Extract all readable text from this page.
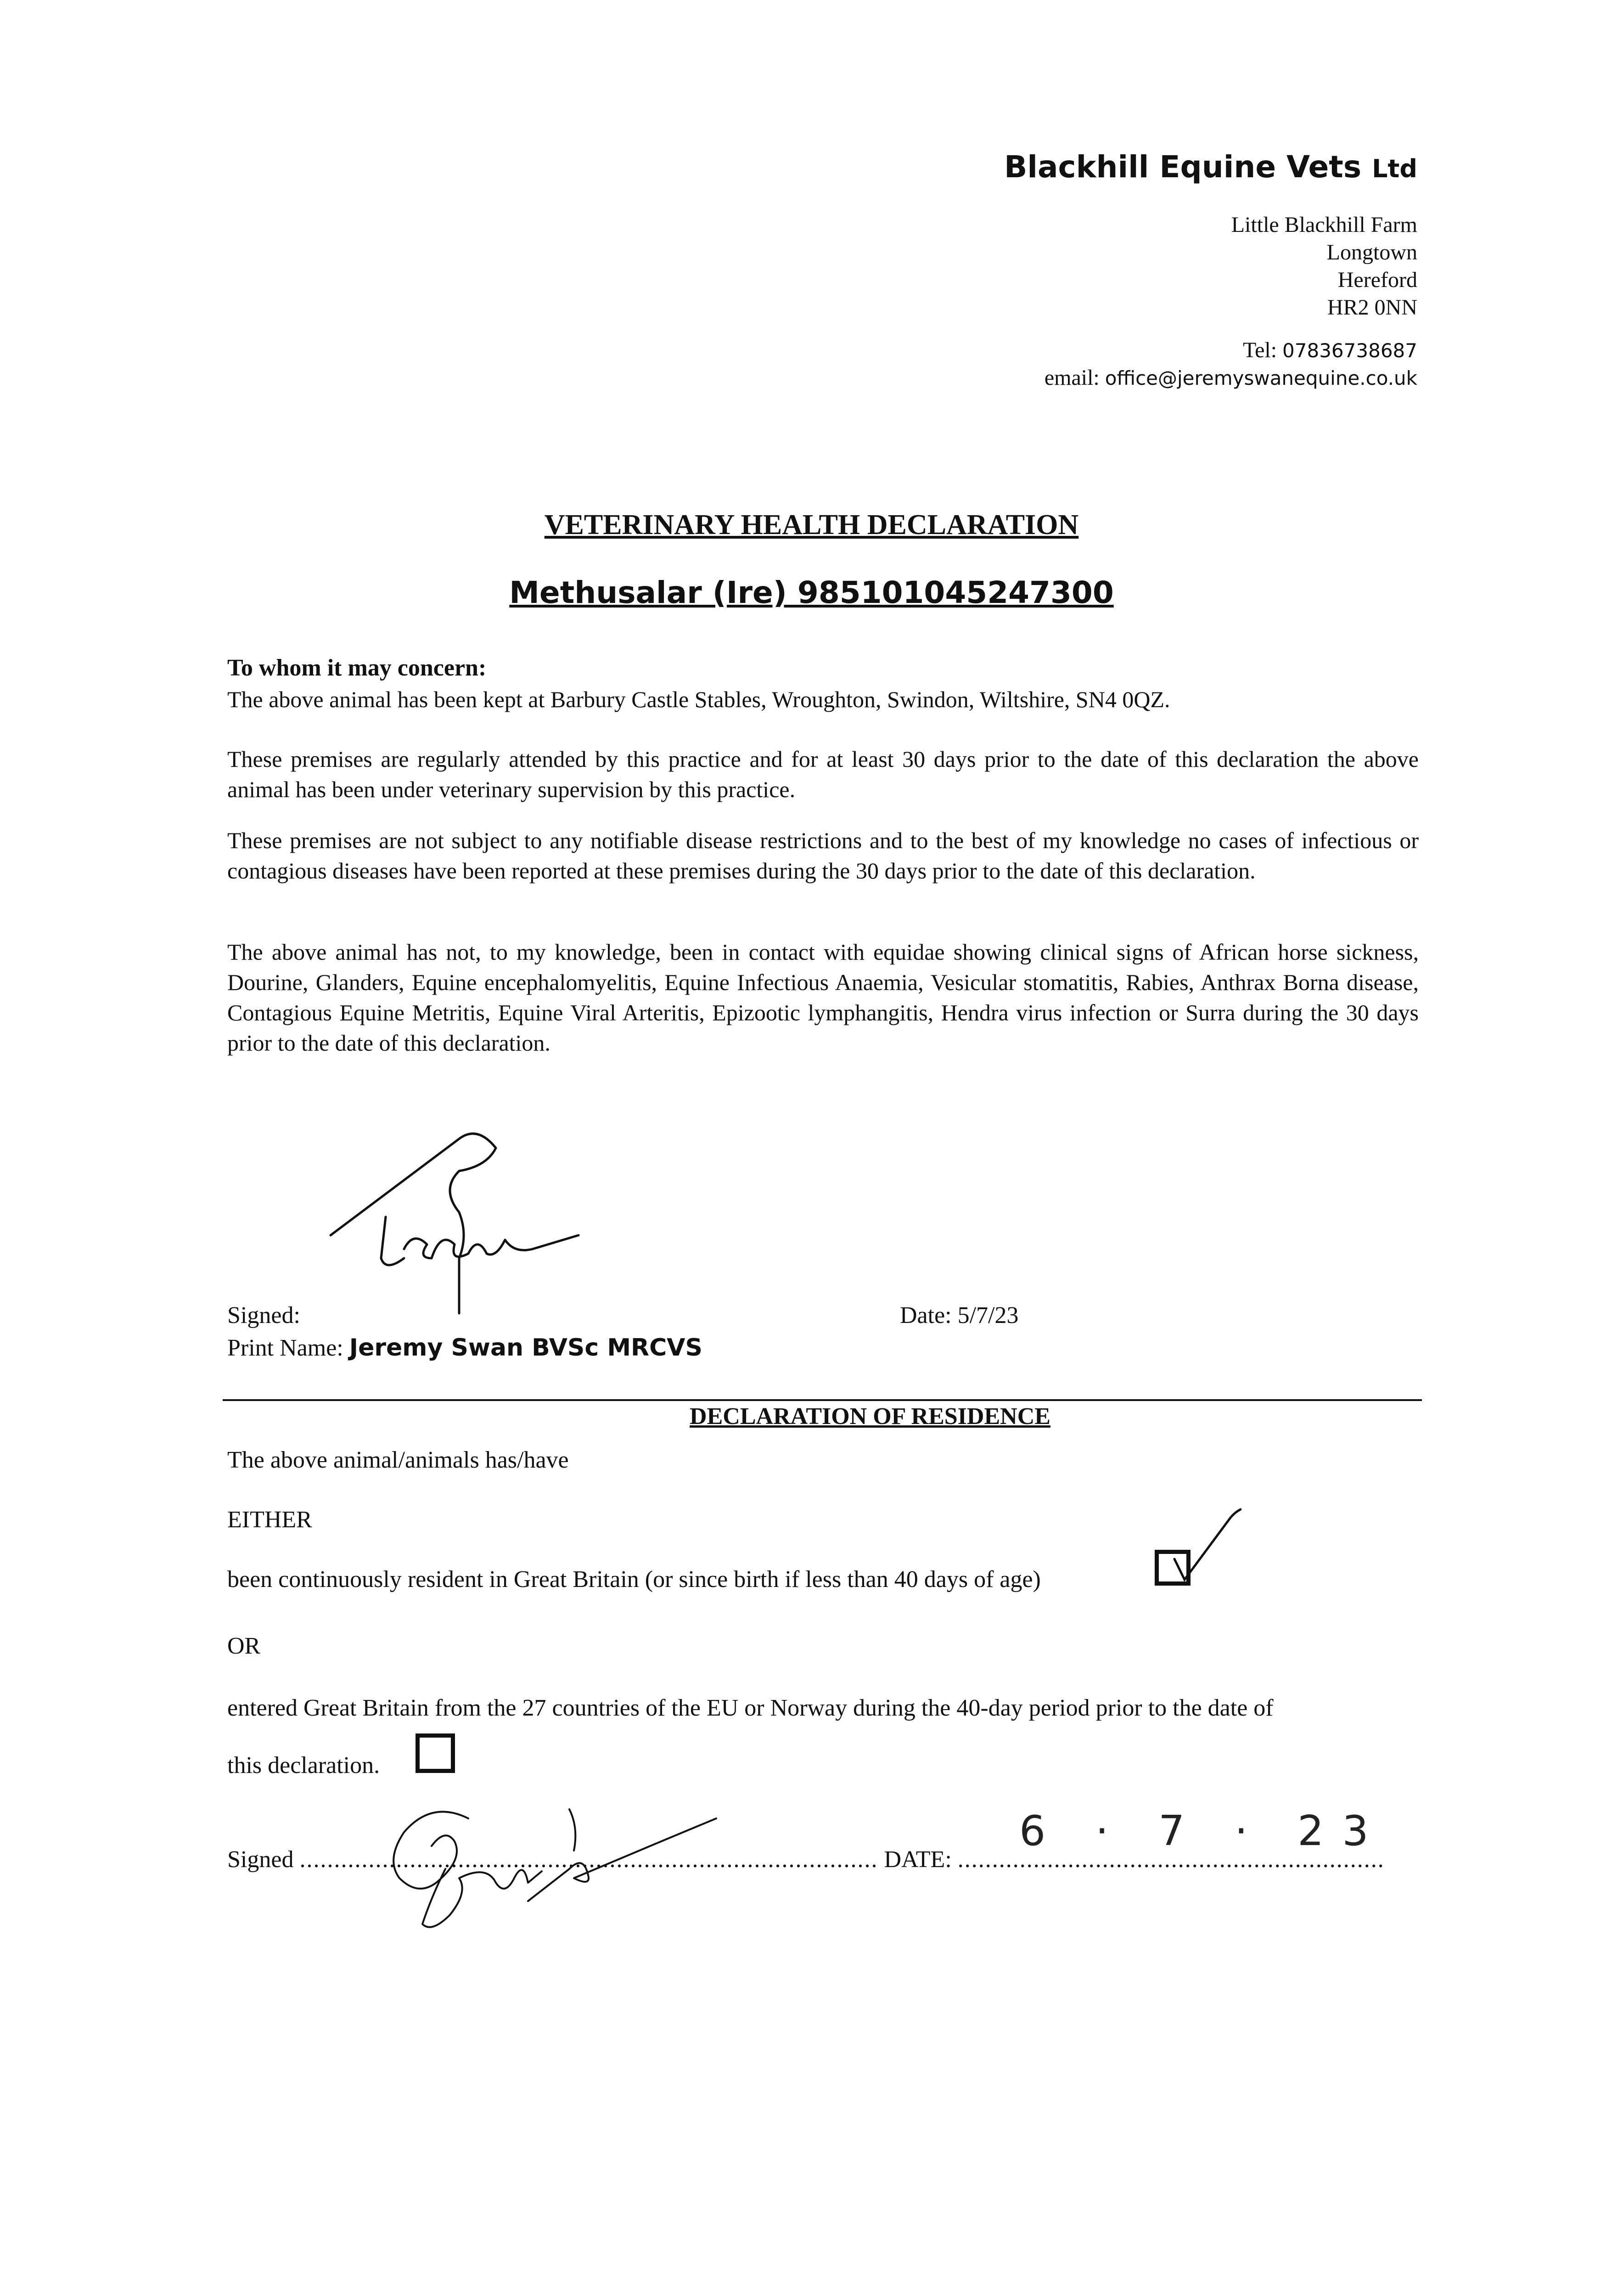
Blackhill Equine Vets Ltd
Little Blackhill Farm
Longtown
Hereford
HR2 0NN
Tel: 07836738687
email: office@jeremyswanequine.co.uk
VETERINARY HEALTH DECLARATION
Methusalar (Ire) 985101045247300
To whom it may concern:
The above animal has been kept at Barbury Castle Stables, Wroughton, Swindon, Wiltshire, SN4 0QZ.
These premises are regularly attended by this practice and for at least 30 days prior to the date of this declaration the above animal has been under veterinary supervision by this practice.
These premises are not subject to any notifiable disease restrictions and to the best of my knowledge no cases of infectious or contagious diseases have been reported at these premises during the 30 days prior to the date of this declaration.
The above animal has not, to my knowledge, been in contact with equidae showing clinical signs of African horse sickness, Dourine, Glanders, Equine encephalomyelitis, Equine Infectious Anaemia, Vesicular stomatitis, Rabies, Anthrax Borna disease, Contagious Equine Metritis, Equine Viral Arteritis, Epizootic lymphangitis, Hendra virus infection or Surra during the 30 days prior to the date of this declaration.
Signed:
Print Name: Jeremy Swan BVSc MRCVS
Date: 5/7/23
DECLARATION OF RESIDENCE
The above animal/animals has/have
EITHER
been continuously resident in Great Britain (or since birth if less than 40 days of age)
OR
entered Great Britain from the 27 countries of the EU or Norway during the 40-day period prior to the date of
this declaration.
Signed .................................................................................... DATE: ..............................................................
6 · 7 · 23
